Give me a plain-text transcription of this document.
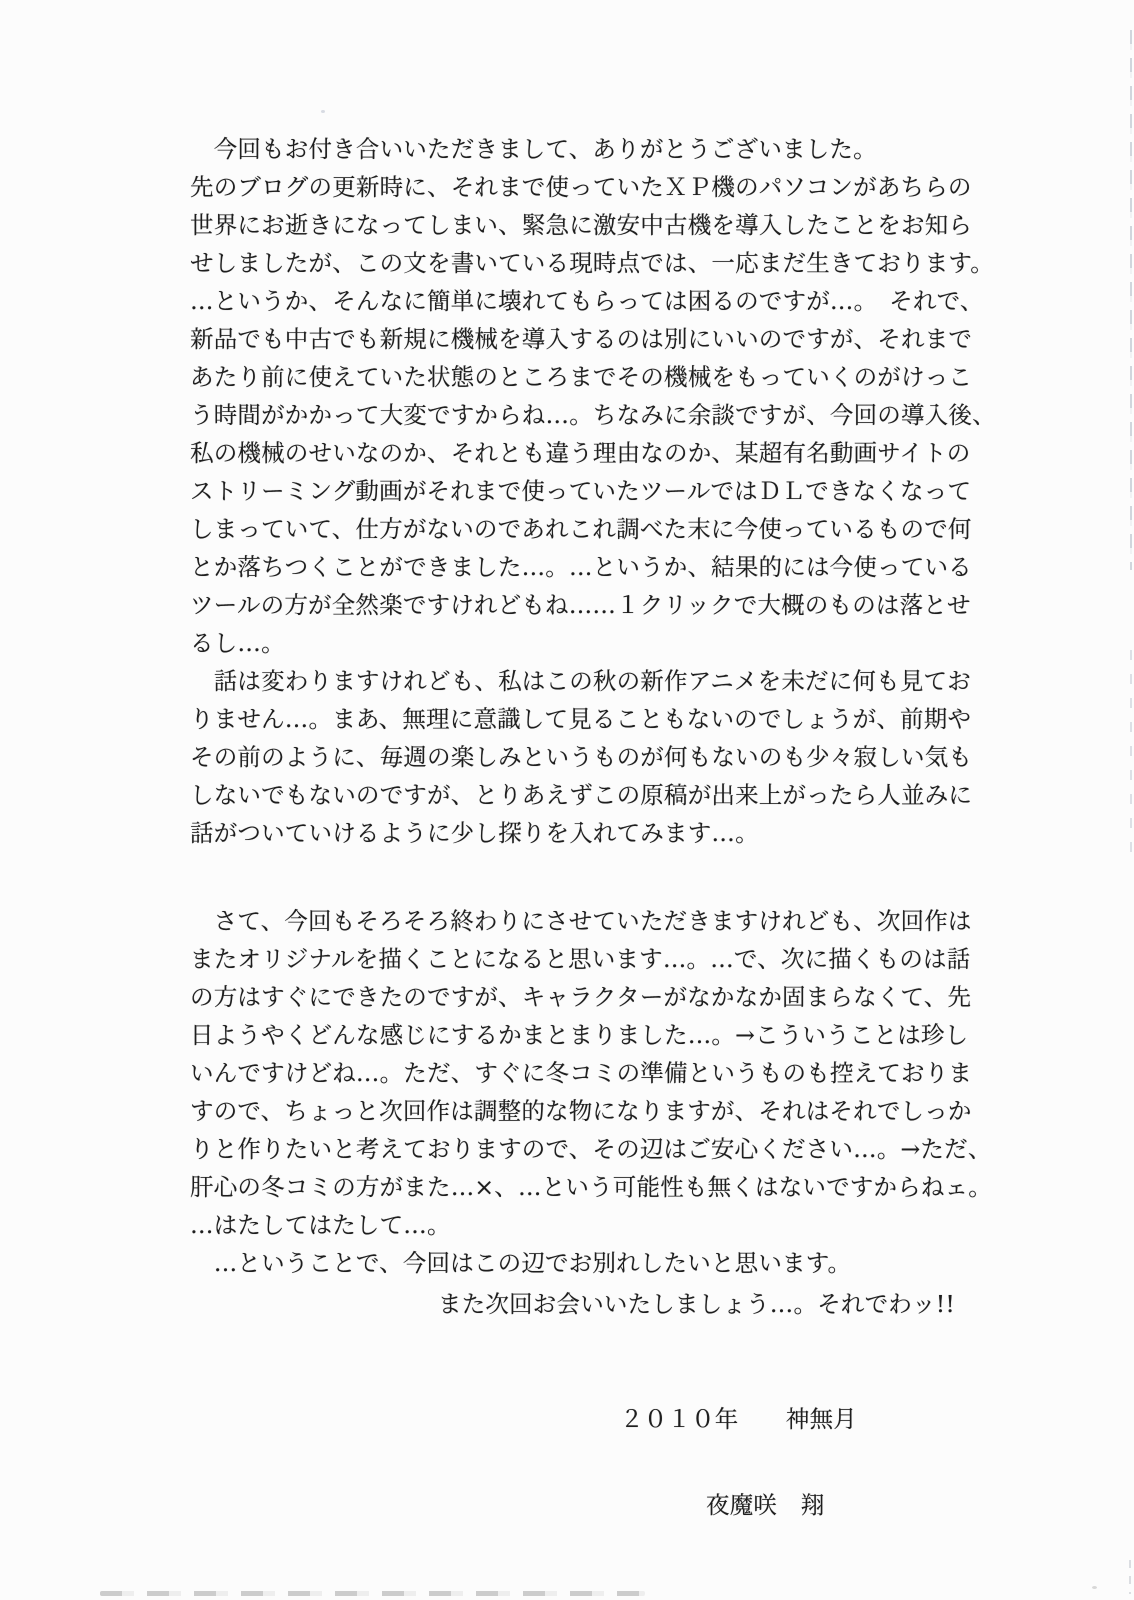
　今回もお付き合いいただきまして、ありがとうございました。
先のブログの更新時に、それまで使っていたＸＰ機のパソコンがあちらの
世界にお逝きになってしまい、緊急に激安中古機を導入したことをお知ら
せしましたが、この文を書いている現時点では、一応まだ生きております。
…というか、そんなに簡単に壊れてもらっては困るのですが…。　それで、
新品でも中古でも新規に機械を導入するのは別にいいのですが、それまで
あたり前に使えていた状態のところまでその機械をもっていくのがけっこ
う時間がかかって大変ですからね…。ちなみに余談ですが、今回の導入後、
私の機械のせいなのか、それとも違う理由なのか、某超有名動画サイトの
ストリーミング動画がそれまで使っていたツールではＤＬできなくなって
しまっていて、仕方がないのであれこれ調べた末に今使っているもので何
とか落ちつくことができました…。…というか、結果的には今使っている
ツールの方が全然楽ですけれどもね……１クリックで大概のものは落とせ
るし…。
　話は変わりますけれども、私はこの秋の新作アニメを未だに何も見てお
りません…。まあ、無理に意識して見ることもないのでしょうが、前期や
その前のように、毎週の楽しみというものが何もないのも少々寂しい気も
しないでもないのですが、とりあえずこの原稿が出来上がったら人並みに
話がついていけるように少し探りを入れてみます…。
　さて、今回もそろそろ終わりにさせていただきますけれども、次回作は
またオリジナルを描くことになると思います…。…で、次に描くものは話
の方はすぐにできたのですが、キャラクターがなかなか固まらなくて、先
日ようやくどんな感じにするかまとまりました…。→こういうことは珍し
いんですけどね…。ただ、すぐに冬コミの準備というものも控えておりま
すので、ちょっと次回作は調整的な物になりますが、それはそれでしっか
りと作りたいと考えておりますので、その辺はご安心ください…。→ただ、
肝心の冬コミの方がまた…×、…という可能性も無くはないですからねェ。
…はたしてはたして…。
　…ということで、今回はこの辺でお別れしたいと思います。
また次回お会いいたしましょう…。それでわッ!!
２０１０年　　神無月
夜魔咲　翔
